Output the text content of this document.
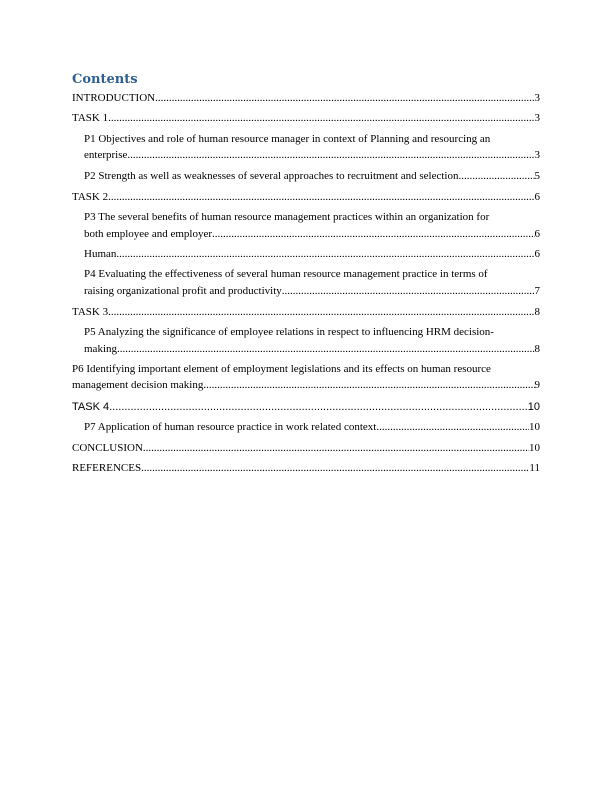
Contents
INTRODUCTION .....	3
TASK 1 .....	3

P1 Objectives and role of human resource manager in context of Planning and resourcing an

enterprise .....	3
P2 Strength as well as weaknesses of several approaches to recruitment and selection .....	5
TASK 2 .....	6

P3 The several benefits of human resource management practices within an organization for

both employee and employer .....	6
Human .....	6

P4 Evaluating the effectiveness of several human resource management practice in terms of

raising organizational profit and productivity .....	7
TASK 3 .....	8

P5 Analyzing the significance of employee relations in respect to influencing HRM decision-

making .....	8

P6 Identifying important element of employment legislations and its effects on human resource

management decision making .....	9
TASK 4 .....	10
P7 Application of human resource practice in work related context .....	10
CONCLUSION .....	10
REFERENCES .....	11
